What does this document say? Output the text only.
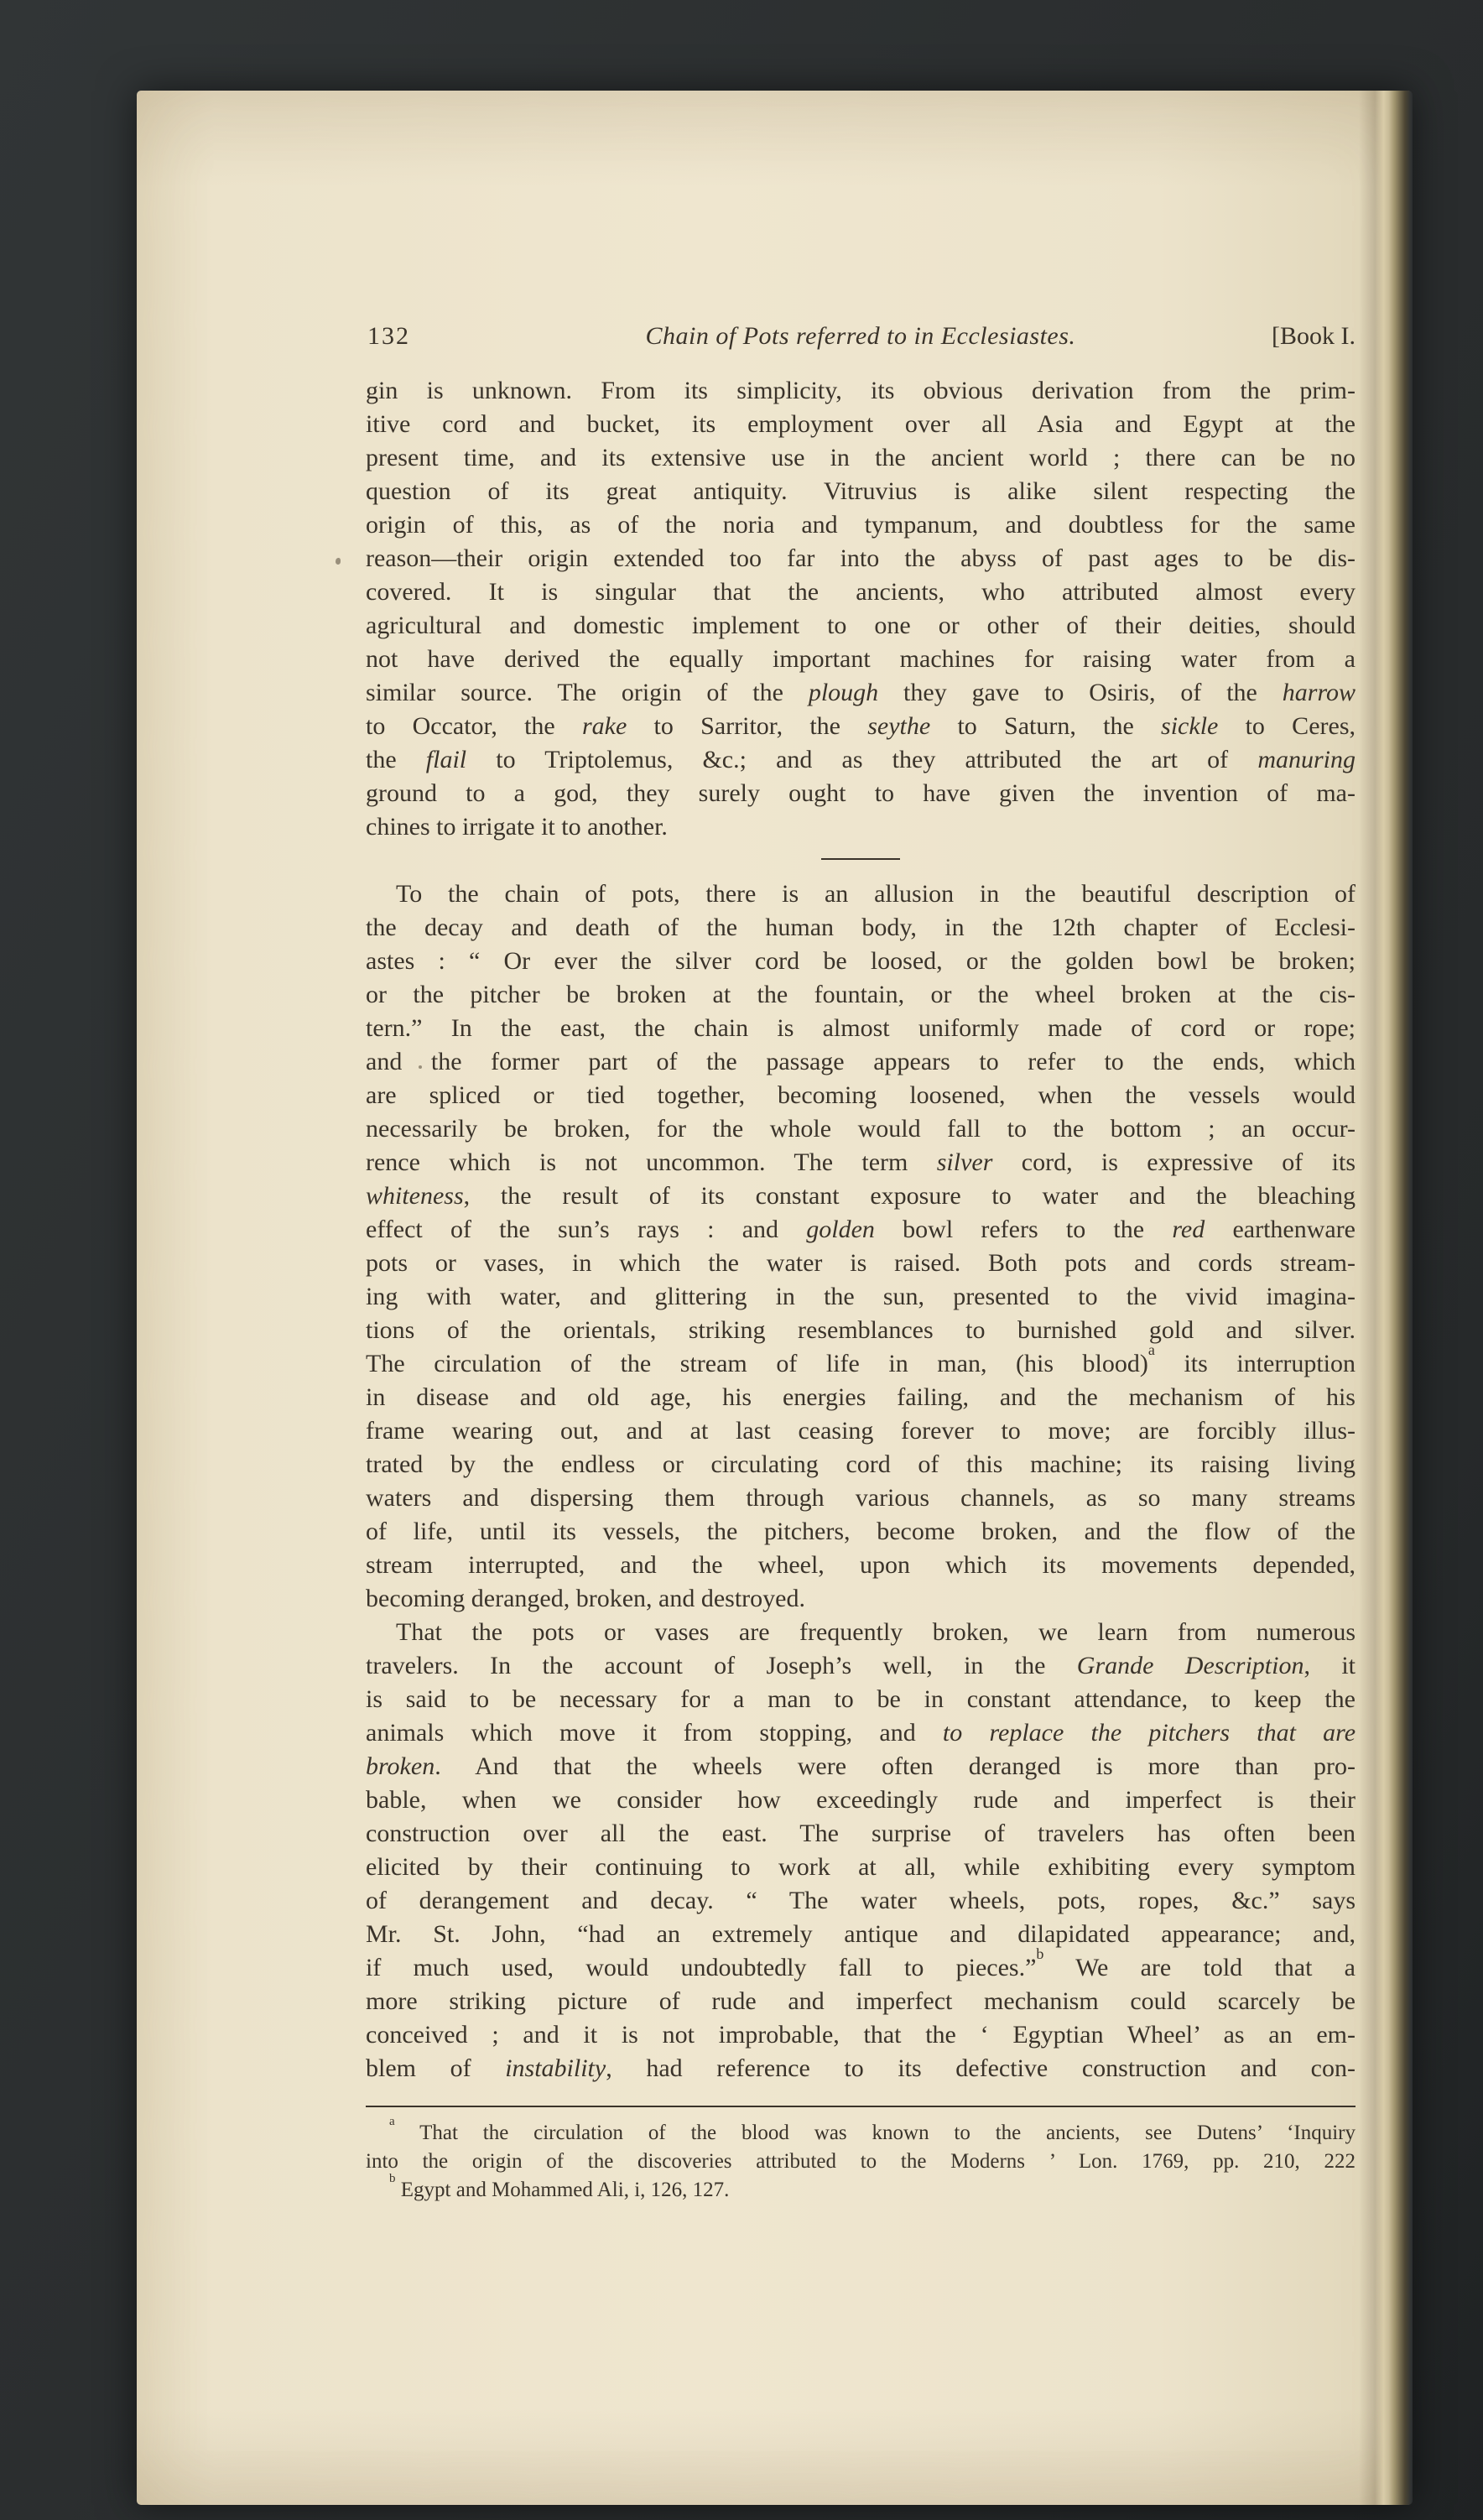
132	Chain of Pots referred to in Ecclesiastes.	[Book I.
gin is unknown. From its simplicity, its obvious derivation from the prim-
itive cord and bucket, its employment over all Asia and Egypt at the
present time, and its extensive use in the ancient world ; there can be no
question of its great antiquity. Vitruvius is alike silent respecting the
origin of this, as of the noria and tympanum, and doubtless for the same
reason—their origin extended too far into the abyss of past ages to be dis-
covered. It is singular that the ancients, who attributed almost every
agricultural and domestic implement to one or other of their deities, should
not have derived the equally important machines for raising water from a
similar source. The origin of the plough they gave to Osiris, of the harrow
to Occator, the rake to Sarritor, the seythe to Saturn, the sickle to Ceres,
the flail to Triptolemus, &c.; and as they attributed the art of manuring
ground to a god, they surely ought to have given the invention of ma-
chines to irrigate it to another.
To the chain of pots, there is an allusion in the beautiful description of
the decay and death of the human body, in the 12th chapter of Ecclesi-
astes : “ Or ever the silver cord be loosed, or the golden bowl be broken;
or the pitcher be broken at the fountain, or the wheel broken at the cis-
tern.” In the east, the chain is almost uniformly made of cord or rope;
and the former part of the passage appears to refer to the ends, which
are spliced or tied together, becoming loosened, when the vessels would
necessarily be broken, for the whole would fall to the bottom ; an occur-
rence which is not uncommon. The term silver cord, is expressive of its
whiteness, the result of its constant exposure to water and the bleaching
effect of the sun’s rays : and golden bowl refers to the red earthenware
pots or vases, in which the water is raised. Both pots and cords stream-
ing with water, and glittering in the sun, presented to the vivid imagina-
tions of the orientals, striking resemblances to burnished gold and silver.
The circulation of the stream of life in man, (his blood)$^a$ its interruption
in disease and old age, his energies failing, and the mechanism of his
frame wearing out, and at last ceasing forever to move; are forcibly illus-
trated by the endless or circulating cord of this machine; its raising living
waters and dispersing them through various channels, as so many streams
of life, until its vessels, the pitchers, become broken, and the flow of the
stream interrupted, and the wheel, upon which its movements depended,
becoming deranged, broken, and destroyed.
That the pots or vases are frequently broken, we learn from numerous
travelers. In the account of Joseph’s well, in the Grande Description, it
is said to be necessary for a man to be in constant attendance, to keep the
animals which move it from stopping, and to replace the pitchers that are
broken. And that the wheels were often deranged is more than pro-
bable, when we consider how exceedingly rude and imperfect is their
construction over all the east. The surprise of travelers has often been
elicited by their continuing to work at all, while exhibiting every symptom
of derangement and decay. “ The water wheels, pots, ropes, &c.” says
Mr. St. John, “had an extremely antique and dilapidated appearance; and,
if much used, would undoubtedly fall to pieces.”$^b$ We are told that a
more striking picture of rude and imperfect mechanism could scarcely be
conceived ; and it is not improbable, that the ‘ Egyptian Wheel’ as an em-
blem of instability, had reference to its defective construction and con-
$^a$ That the circulation of the blood was known to the ancients, see Dutens’ ‘Inquiry
into the origin of the discoveries attributed to the Moderns ’ Lon. 1769, pp. 210, 222
$^b$ Egypt and Mohammed Ali, i, 126, 127.
